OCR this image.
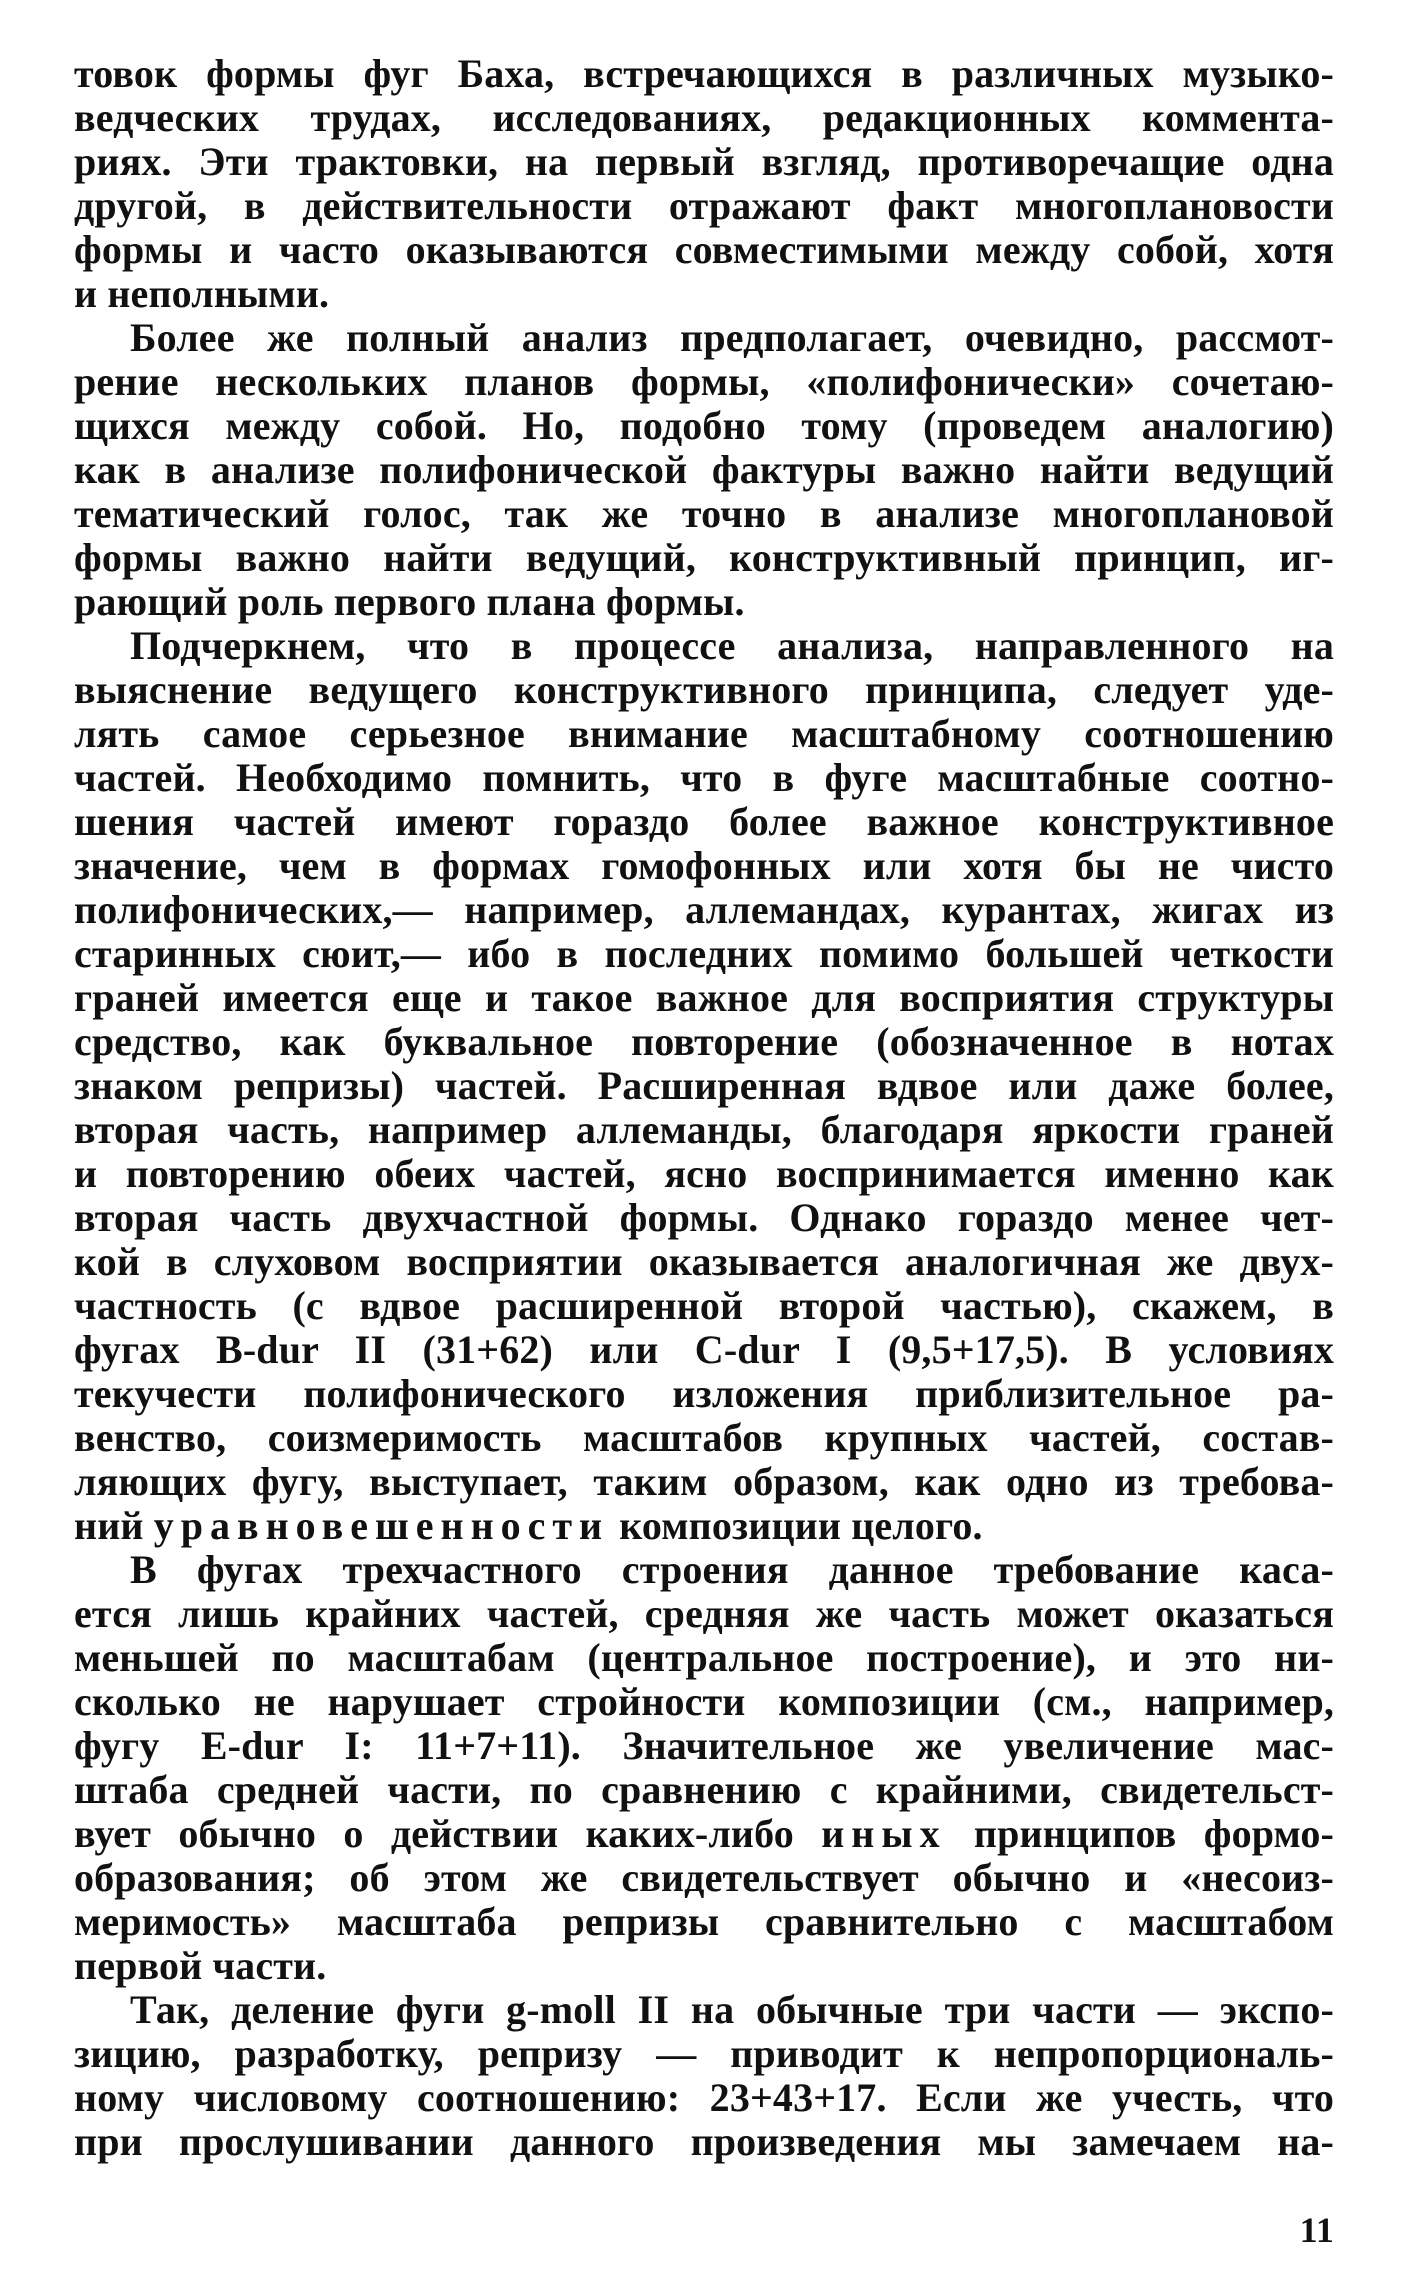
товок формы фуг Баха, встречающихся в различных музыко-
ведческих трудах, исследованиях, редакционных коммента-
риях. Эти трактовки, на первый взгляд, противоречащие одна
другой, в действительности отражают факт многоплановости
формы и часто оказываются совместимыми между собой, хотя
и неполными.

Более же полный анализ предполагает, очевидно, рассмот-
рение нескольких планов формы, «полифонически» сочетаю-
щихся между собой. Но, подобно тому (проведем аналогию)
как в анализе полифонической фактуры важно найти ведущий
тематический голос, так же точно в анализе многоплановой
формы важно найти ведущий, конструктивный принцип, иг-
рающий роль первого плана формы.

Подчеркнем, что в процессе анализа, направленного на
выяснение ведущего конструктивного принципа, следует уде-
лять самое серьезное внимание масштабному соотношению
частей. Необходимо помнить, что в фуге масштабные соотно-
шения частей имеют гораздо более важное конструктивное
значение, чем в формах гомофонных или хотя бы не чисто
полифонических,— например, аллемандах, курантах, жигах из
старинных сюит,— ибо в последних помимо большей четкости
граней имеется еще и такое важное для восприятия структуры
средство, как буквальное повторение (обозначенное в нотах
знаком репризы) частей. Расширенная вдвое или даже более,
вторая часть, например аллеманды, благодаря яркости граней
и повторению обеих частей, ясно воспринимается именно как
вторая часть двухчастной формы. Однако гораздо менее чет-
кой в слуховом восприятии оказывается аналогичная же двух-
частность (с вдвое расширенной второй частью), скажем, в
фугах B-dur II (31+62) или C-dur I (9,5+17,5). В условиях
текучести полифонического изложения приблизительное ра-
венство, соизмеримость масштабов крупных частей, состав-
ляющих фугу, выступает, таким образом, как одно из требова-
ний уравновешенности композиции целого.

В фугах трехчастного строения данное требование каса-
ется лишь крайних частей, средняя же часть может оказаться
меньшей по масштабам (центральное построение), и это ни-
сколько не нарушает стройности композиции (см., например,
фугу E-dur I: 11+7+11). Значительное же увеличение мас-
штаба средней части, по сравнению с крайними, свидетельст-
вует обычно о действии каких-либо иных принципов формо-
образования; об этом же свидетельствует обычно и «несоиз-
меримость» масштаба репризы сравнительно с масштабом
первой части.

Так, деление фуги g-moll II на обычные три части — экспо-
зицию, разработку, репризу — приводит к непропорциональ-
ному числовому соотношению: 23+43+17. Если же учесть, что
при прослушивании данного произведения мы замечаем на-

11
